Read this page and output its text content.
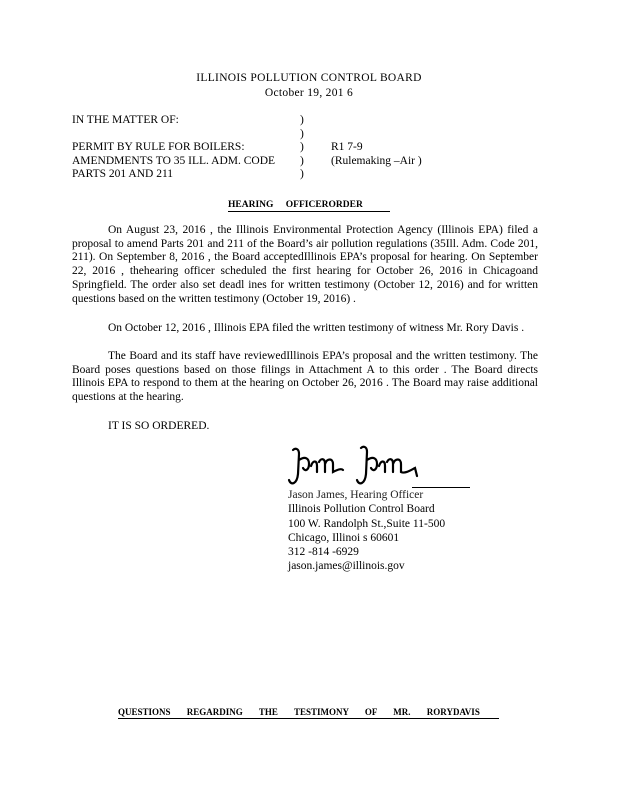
ILLINOIS POLLUTION CONTROL BOARD
October 19, 201 6
IN THE MATTER OF:	)
)
PERMIT BY RULE FOR BOILERS:	) R1 7-9
AMENDMENTS TO 35 ILL. ADM. CODE ) (Rulemaking –Air )
PARTS 201 AND 211	)
HEARING OFFICERORDER
On August 23, 2016 , the Illinois Environmental Protection Agency (Illinois EPA) filed a proposal to amend Parts 201 and 211 of the Board’s air pollution regulations (35Ill. Adm. Code 201, 211). On September 8, 2016 , the Board acceptedIllinois EPA’s proposal for hearing. On September 22, 2016 , thehearing officer scheduled the first hearing for October 26, 2016 in Chicagoand Springfield. The order also set deadl ines for written testimony (October 12, 2016) and for written questions based on the written testimony (October 19, 2016) .
On October 12, 2016 , Illinois EPA filed the written testimony of witness Mr. Rory Davis .
The Board and its staff have reviewedIllinois EPA’s proposal and the written testimony. The Board poses questions based on those filings in Attachment A to this order . The Board directs Illinois EPA to respond to them at the hearing on October 26, 2016 . The Board may raise additional questions at the hearing.
IT IS SO ORDERED.
Jason James, Hearing Officer
Illinois Pollution Control Board
100 W. Randolph St.,Suite 11-500
Chicago, Illinoi s 60601
312 -814 -6929
jason.james@illinois.gov
QUESTIONS REGARDING THE TESTIMONY OF MR. RORYDAVIS
